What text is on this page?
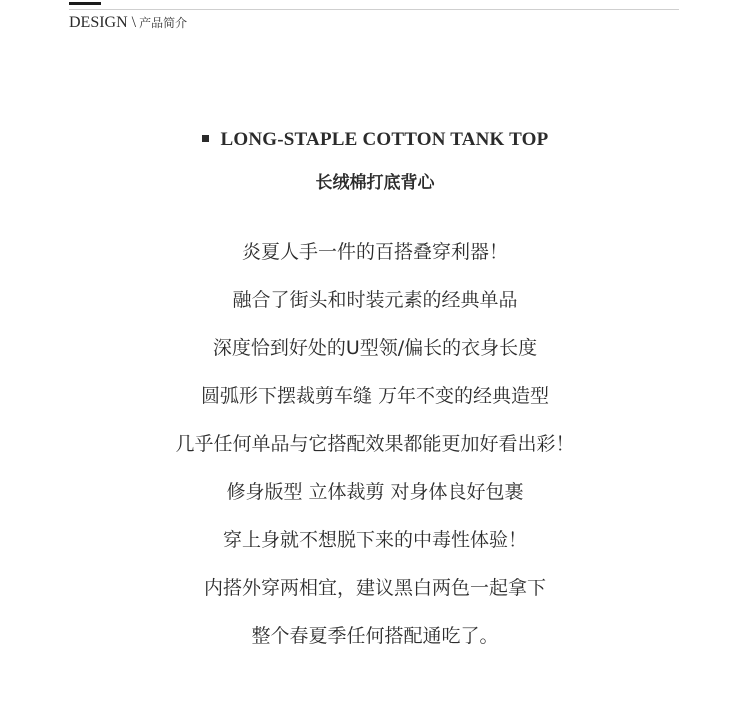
DESIGN \ 产品简介
LONG-STAPLE COTTON TANK TOP
长绒棉打底背心
炎夏人手一件的百搭叠穿利器！
融合了街头和时装元素的经典单品
深度恰到好处的U型领/偏长的衣身长度
圆弧形下摆裁剪车缝 万年不变的经典造型
几乎任何单品与它搭配效果都能更加好看出彩！
修身版型 立体裁剪 对身体良好包裹
穿上身就不想脱下来的中毒性体验！
内搭外穿两相宜，建议黑白两色一起拿下
整个春夏季任何搭配通吃了。
